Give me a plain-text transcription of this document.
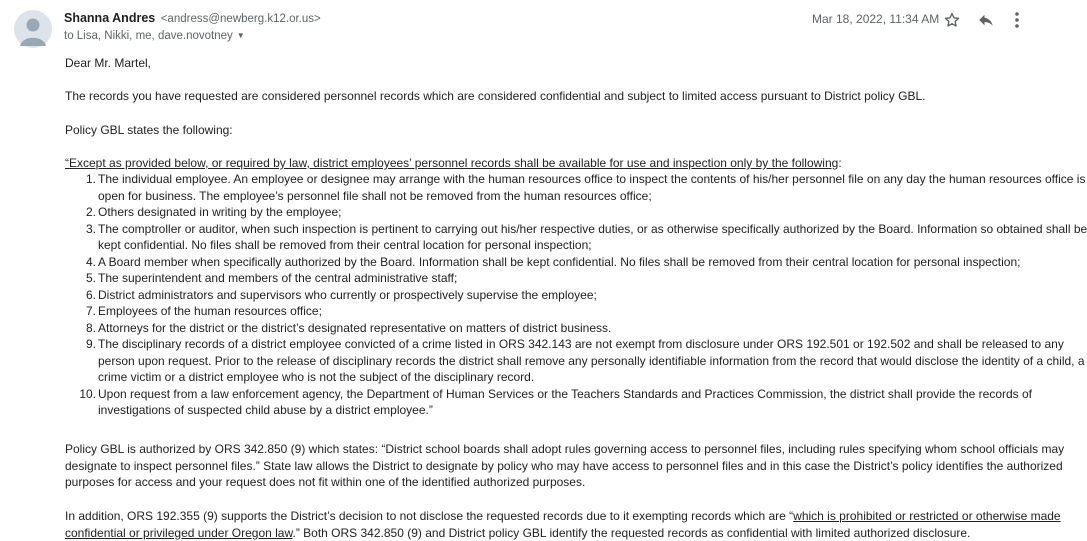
Shanna Andres <andress@newberg.k12.or.us>
to Lisa, Nikki, me, dave.novotney ▼
Mar 18, 2022, 11:34 AM
Dear Mr. Martel,
The records you have requested are considered personnel records which are considered confidential and subject to limited access pursuant to District policy GBL.
Policy GBL states the following:
“Except as provided below, or required by law, district employees’ personnel records shall be available for use and inspection only by the following:
1. The individual employee. An employee or designee may arrange with the human resources office to inspect the contents of his/her personnel file on any day the human resources office is
open for business. The employee’s personnel file shall not be removed from the human resources office;
2. Others designated in writing by the employee;
3. The comptroller or auditor, when such inspection is pertinent to carrying out his/her respective duties, or as otherwise specifically authorized by the Board. Information so obtained shall be
kept confidential. No files shall be removed from their central location for personal inspection;
4. A Board member when specifically authorized by the Board. Information shall be kept confidential. No files shall be removed from their central location for personal inspection;
5. The superintendent and members of the central administrative staff;
6. District administrators and supervisors who currently or prospectively supervise the employee;
7. Employees of the human resources office;
8. Attorneys for the district or the district’s designated representative on matters of district business.
9. The disciplinary records of a district employee convicted of a crime listed in ORS 342.143 are not exempt from disclosure under ORS 192.501 or 192.502 and shall be released to any
person upon request. Prior to the release of disciplinary records the district shall remove any personally identifiable information from the record that would disclose the identity of a child, a
crime victim or a district employee who is not the subject of the disciplinary record.
10. Upon request from a law enforcement agency, the Department of Human Services or the Teachers Standards and Practices Commission, the district shall provide the records of
investigations of suspected child abuse by a district employee.”
Policy GBL is authorized by ORS 342.850 (9) which states: “District school boards shall adopt rules governing access to personnel files, including rules specifying whom school officials may
designate to inspect personnel files.” State law allows the District to designate by policy who may have access to personnel files and in this case the District’s policy identifies the authorized
purposes for access and your request does not fit within one of the identified authorized purposes.
In addition, ORS 192.355 (9) supports the District’s decision to not disclose the requested records due to it exempting records which are “which is prohibited or restricted or otherwise made
confidential or privileged under Oregon law.” Both ORS 342.850 (9) and District policy GBL identify the requested records as confidential with limited authorized disclosure.
